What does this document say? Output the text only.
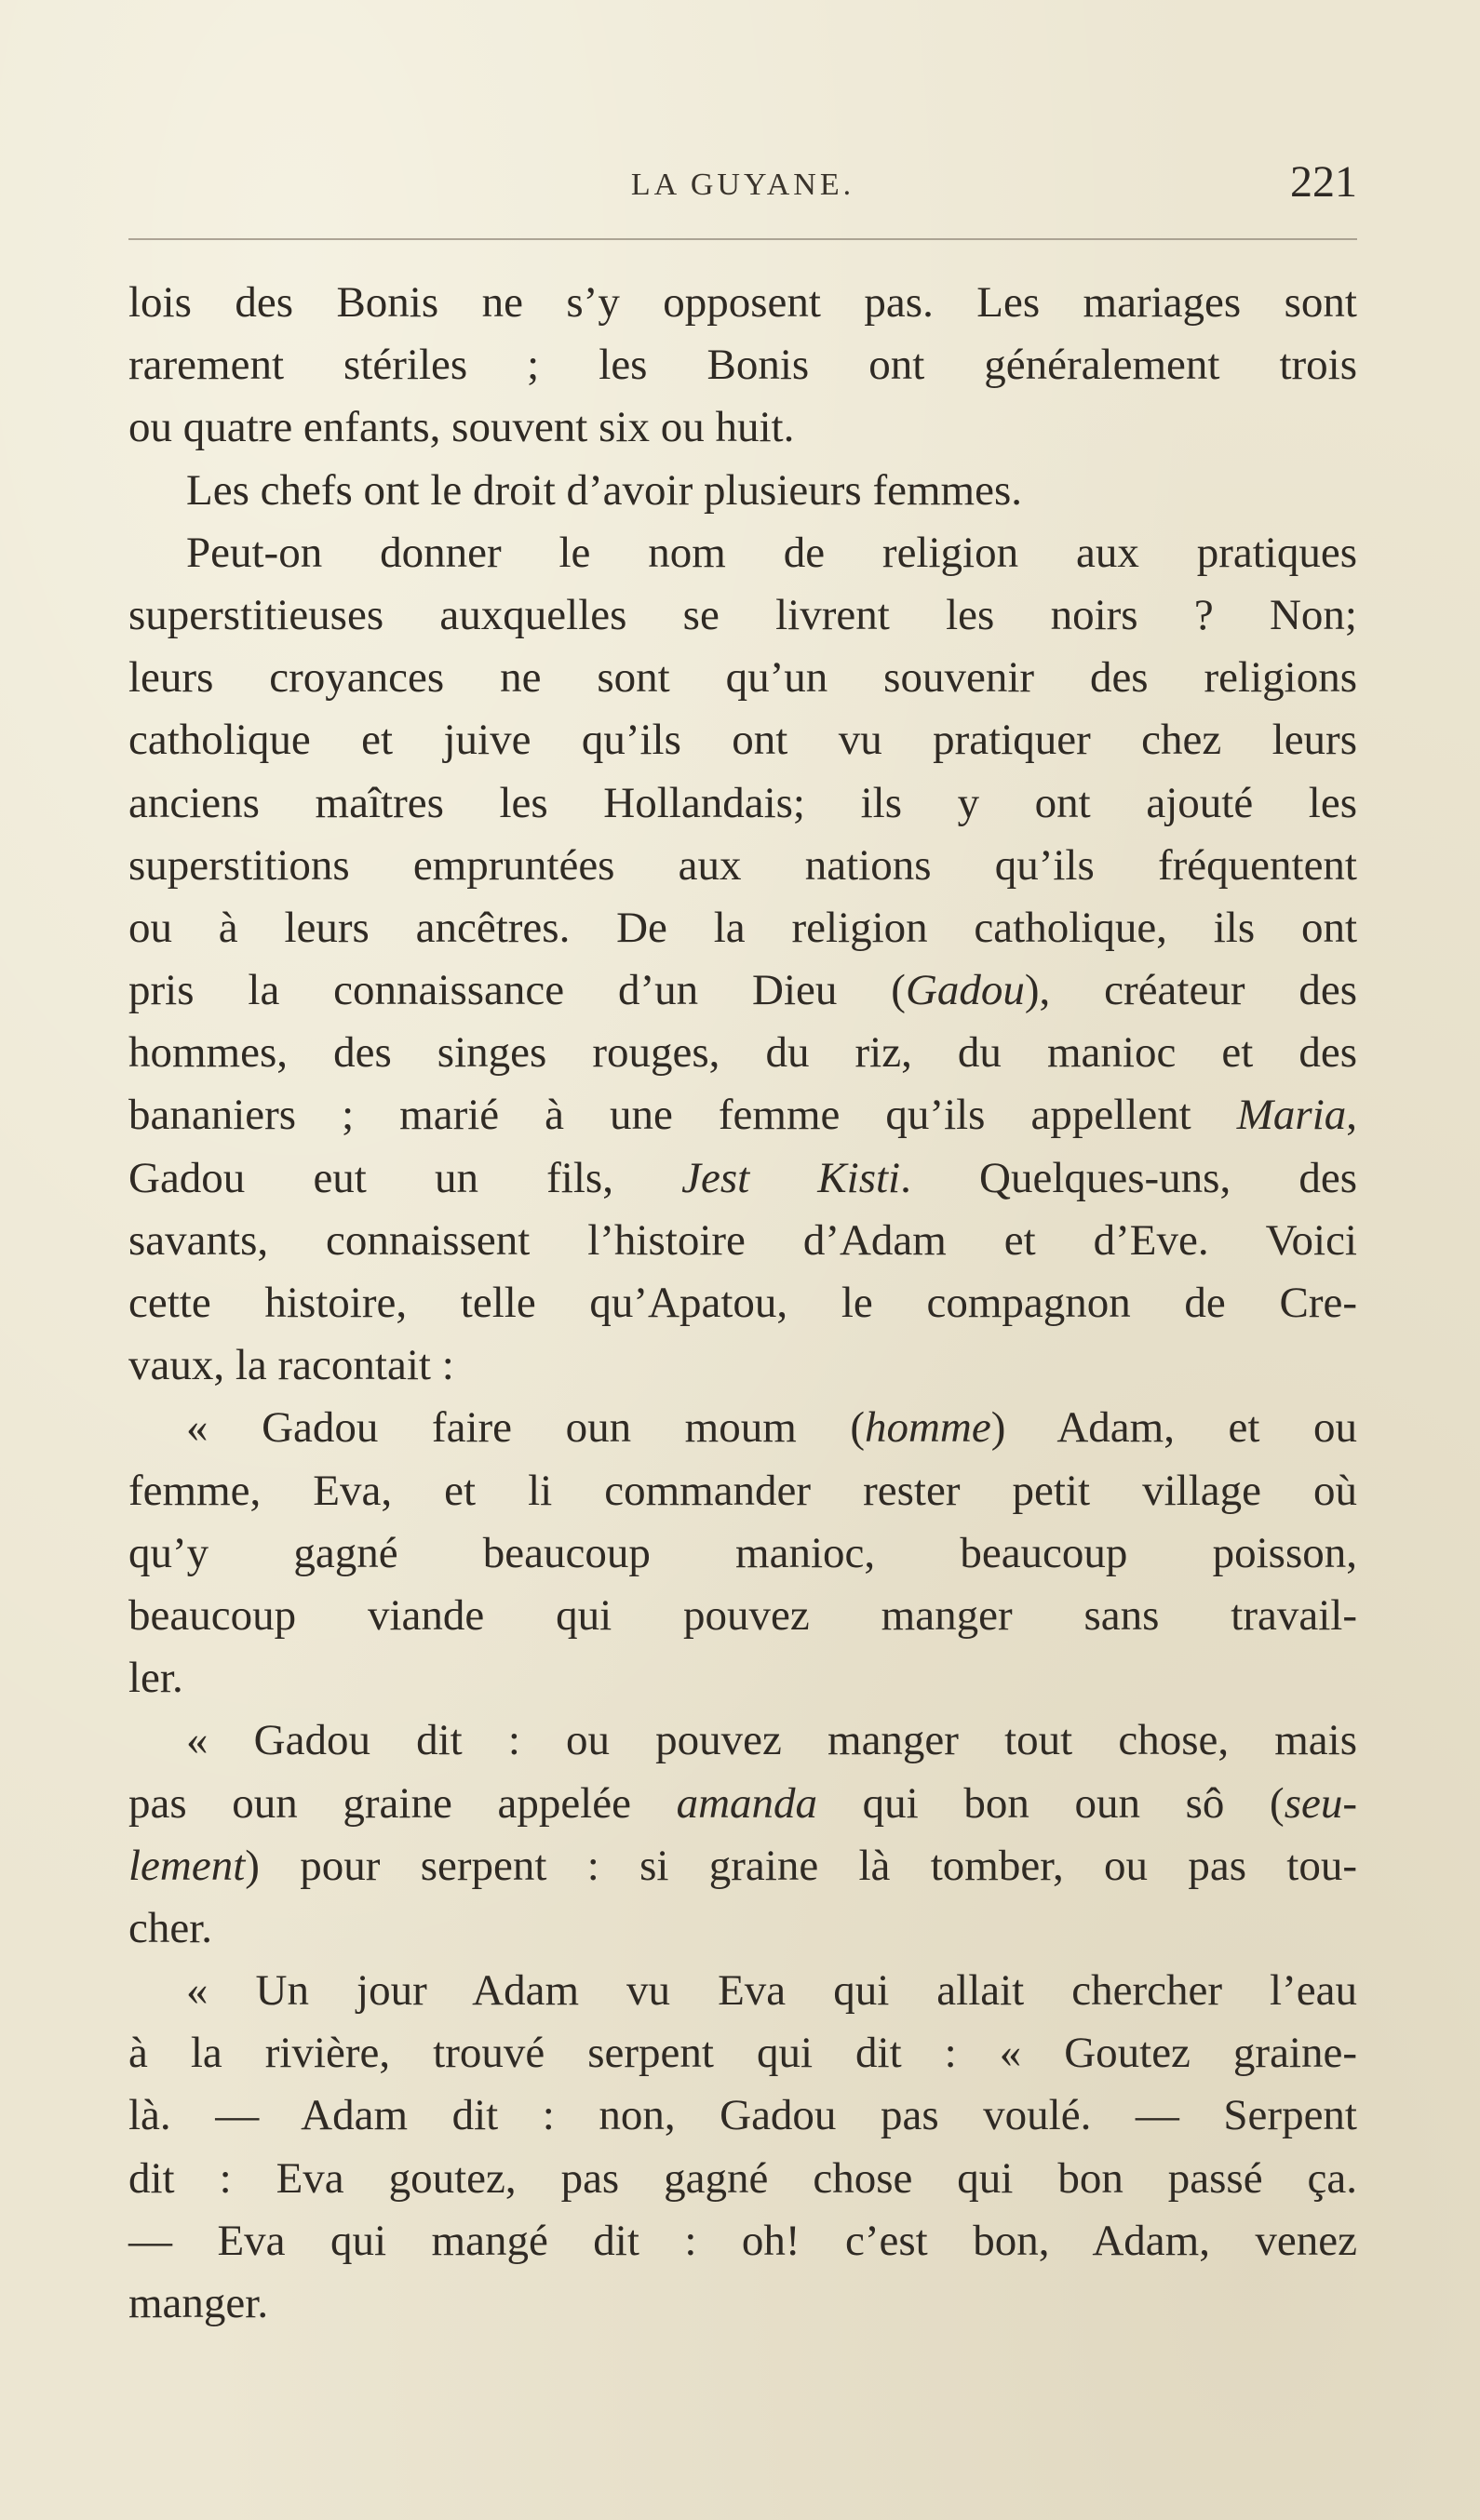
LA GUYANE.	221
lois des Bonis ne s’y opposent pas. Les mariages sont
rarement stériles ; les Bonis ont généralement trois
ou quatre enfants, souvent six ou huit.
Les chefs ont le droit d’avoir plusieurs femmes.
Peut-on donner le nom de religion aux pratiques
superstitieuses auxquelles se livrent les noirs ? Non;
leurs croyances ne sont qu’un souvenir des religions
catholique et juive qu’ils ont vu pratiquer chez leurs
anciens maîtres les Hollandais; ils y ont ajouté les
superstitions empruntées aux nations qu’ils fréquentent
ou à leurs ancêtres. De la religion catholique, ils ont
pris la connaissance d’un Dieu (Gadou), créateur des
hommes, des singes rouges, du riz, du manioc et des
bananiers ; marié à une femme qu’ils appellent Maria,
Gadou eut un fils, Jest Kisti. Quelques-uns, des
savants, connaissent l’histoire d’Adam et d’Eve. Voici
cette histoire, telle qu’Apatou, le compagnon de Cre-
vaux, la racontait :
« Gadou faire oun moum (homme) Adam, et ou
femme, Eva, et li commander rester petit village où
qu’y gagné beaucoup manioc, beaucoup poisson,
beaucoup viande qui pouvez manger sans travail-
ler.
« Gadou dit : ou pouvez manger tout chose, mais
pas oun graine appelée amanda qui bon oun sô (seu-
lement) pour serpent : si graine là tomber, ou pas tou-
cher.
« Un jour Adam vu Eva qui allait chercher l’eau
à la rivière, trouvé serpent qui dit : « Goutez graine-
là. — Adam dit : non, Gadou pas voulé. — Serpent
dit : Eva goutez, pas gagné chose qui bon passé ça.
— Eva qui mangé dit : oh! c’est bon, Adam, venez
manger.
